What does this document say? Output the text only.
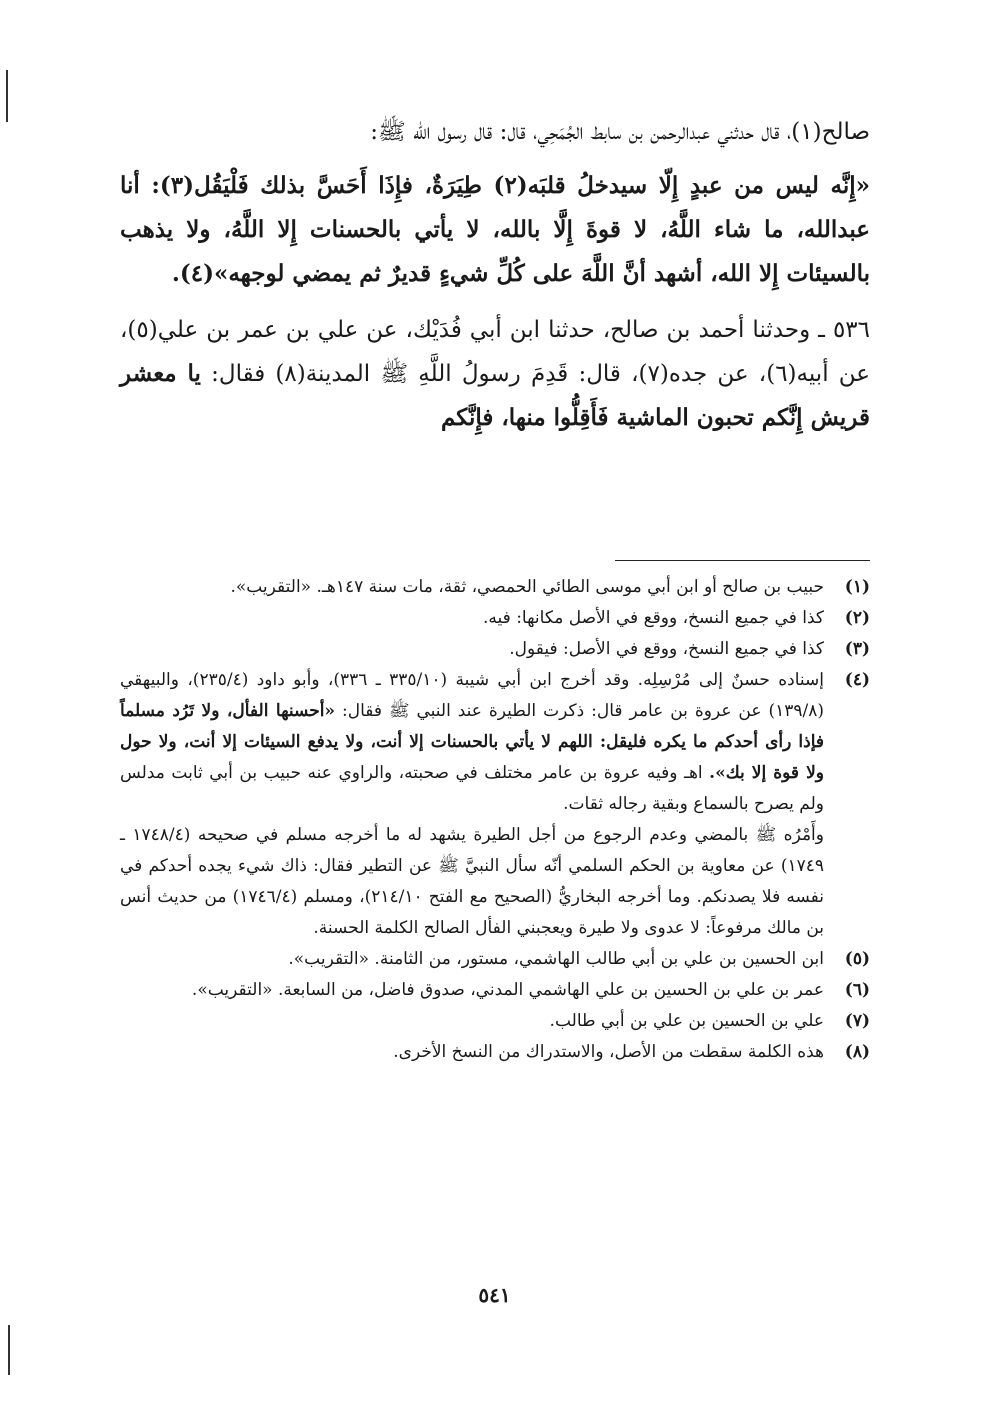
صالح(١)، قال حدثني عبدالرحمن بن سابط الجُمَحِي، قال: قال رسول الله ﷺ:

«إِنَّه ليس من عبدٍ إِلّا سيدخلُ قلبَه(٢) طِيَرَةٌ، فإِذَا أَحَسَّ بذلك فَلْيَقُل(٣): أنا عبدالله، ما شاء اللَّهُ، لا قوةَ إِلَّا بالله، لا يأتي بالحسنات إِلا اللَّهُ، ولا يذهب بالسيئات إِلا الله، أشهد أنَّ اللَّهَ على كُلِّ شيءٍ قديرٌ ثم يمضي لوجهه»(٤).

٥٣٦ ـ وحدثنا أحمد بن صالح، حدثنا ابن أبي فُدَيْك، عن علي بن عمر بن علي(٥)، عن أبيه(٦)، عن جده(٧)، قال: قَدِمَ رسولُ اللَّهِ ﷺ المدينة(٨) فقال: يا معشر قريش إِنَّكم تحبون الماشية فَأَقِلُّوا منها، فإِنَّكم

(١)

حبيب بن صالح أو ابن أبي موسى الطائي الحمصي، ثقة، مات سنة ١٤٧هـ. «التقريب».

(٢)

كذا في جميع النسخ، ووقع في الأصل مكانها: فيه.

(٣)

كذا في جميع النسخ، ووقع في الأصل: فيقول.

(٤)

إسناده حسنٌ إلى مُرْسِلِه. وقد أخرج ابن أبي شيبة (٣٣٥/١٠ ـ ٣٣٦)، وأبو داود (٢٣٥/٤)، والبيهقي (١٣٩/٨) عن عروة بن عامر قال: ذكرت الطيرة عند النبي ﷺ فقال: «أحسنها الفأل، ولا تَرُد مسلماً فإذا رأى أحدكم ما يكره فليقل: اللهم لا يأتي بالحسنات إلا أنت، ولا يدفع السيئات إلا أنت، ولا حول ولا قوة إلا بك». اهـ وفيه عروة بن عامر مختلف في صحبته، والراوي عنه حبيب بن أبي ثابت مدلس ولم يصرح بالسماع وبقية رجاله ثقات.

وأَمْرُه ﷺ بالمضي وعدم الرجوع من أجل الطيرة يشهد له ما أخرجه مسلم في صحيحه (١٧٤٨/٤ ـ ١٧٤٩) عن معاوية بن الحكم السلمي أنّه سأل النبيَّ ﷺ عن التطير فقال: ذاك شيء يجده أحدكم في نفسه فلا يصدنكم. وما أخرجه البخاريُّ (الصحيح مع الفتح ٢١٤/١٠)، ومسلم (١٧٤٦/٤) من حديث أنس بن مالك مرفوعاً: لا عدوى ولا طيرة ويعجبني الفأل الصالح الكلمة الحسنة.

(٥)

ابن الحسين بن علي بن أبي طالب الهاشمي، مستور، من الثامنة. «التقريب».

(٦)

عمر بن علي بن الحسين بن علي الهاشمي المدني، صدوق فاضل، من السابعة. «التقريب».

(٧)

علي بن الحسين بن علي بن أبي طالب.

(٨)

هذه الكلمة سقطت من الأصل، والاستدراك من النسخ الأخرى.

٥٤١
